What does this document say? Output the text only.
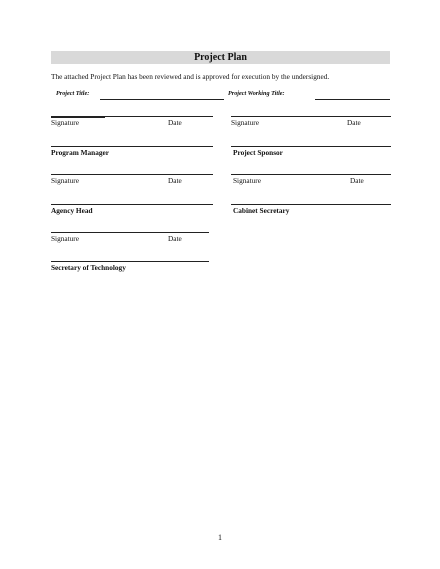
Project Plan
The attached Project Plan has been reviewed and is approved for execution by the undersigned.
Project Title:	Project Working Title:
Signature	Date	Signature	Date
Program Manager	Project Sponsor
Signature	Date	Signature	Date
Agency Head	Cabinet Secretary
Signature	Date
Secretary of Technology
1
